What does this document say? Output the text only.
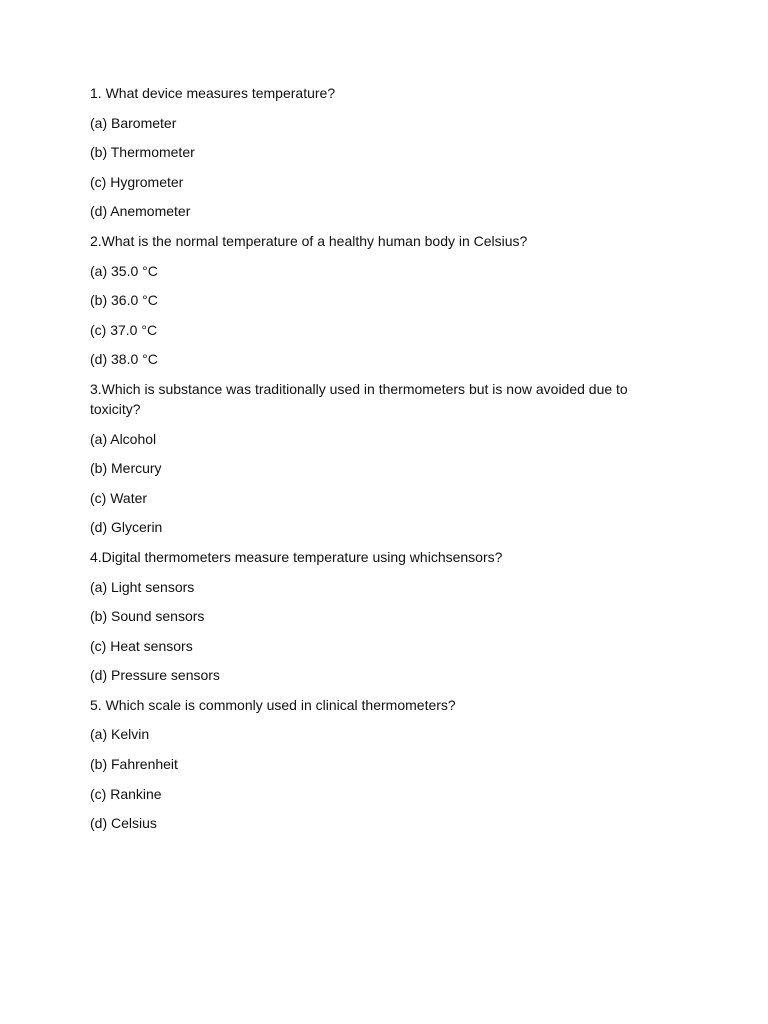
1. What device measures temperature?
(a) Barometer
(b) Thermometer
(c) Hygrometer
(d) Anemometer
2.What is the normal temperature of a healthy human body in Celsius?
(a) 35.0 °C
(b) 36.0 °C
(c) 37.0 °C
(d) 38.0 °C
3.Which is substance was traditionally used in thermometers but is now avoided due to toxicity?
(a) Alcohol
(b) Mercury
(c) Water
(d) Glycerin
4.Digital thermometers measure temperature using whichsensors?
(a) Light sensors
(b) Sound sensors
(c) Heat sensors
(d) Pressure sensors
5. Which scale is commonly used in clinical thermometers?
(a) Kelvin
(b) Fahrenheit
(c) Rankine
(d) Celsius
